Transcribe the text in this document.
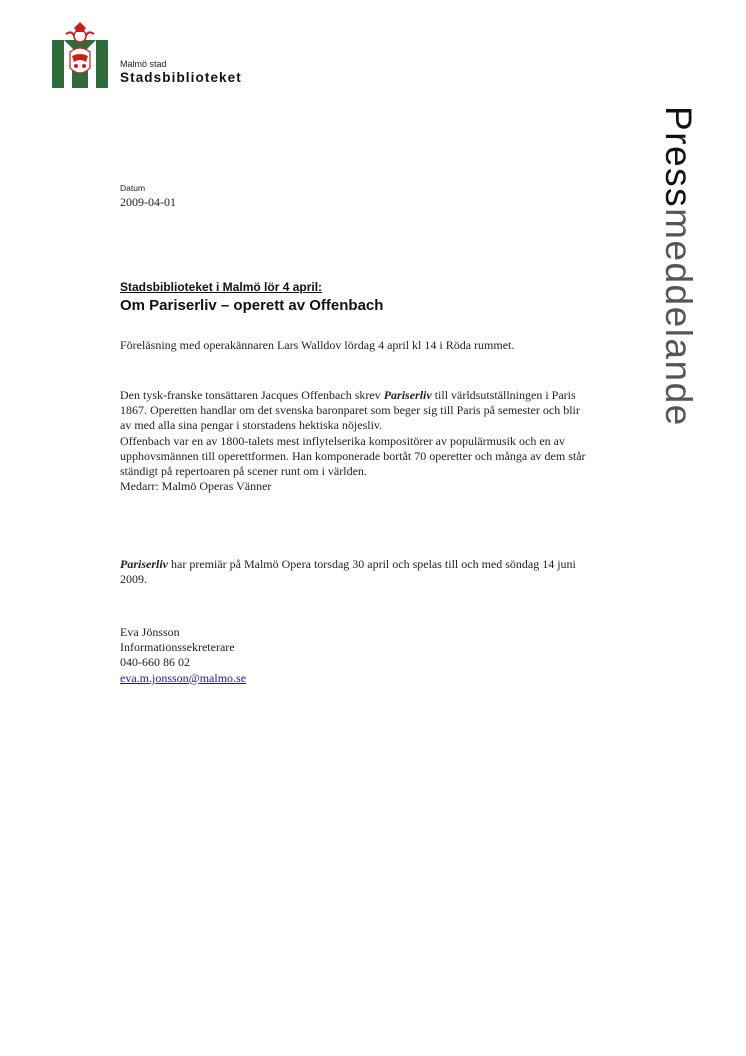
Malmö stad
Stadsbiblioteket
Pressmeddelande
Datum
2009-04-01
Stadsbiblioteket i Malmö lör 4 april:
Om Pariserliv – operett av Offenbach

Föreläsning med operakännaren Lars Walldov lördag 4 april kl 14 i Röda rummet.

Den tysk-franske tonsättaren Jacques Offenbach skrev Pariserliv till världsutställningen i Paris 1867. Operetten handlar om det svenska baronparet som beger sig till Paris på semester och blir av med alla sina pengar i storstadens hektiska nöjesliv.
Offenbach var en av 1800-talets mest inflytelserika kompositörer av populärmusik och en av upphovsmännen till operettformen. Han komponerade bortåt 70 operetter och många av dem står ständigt på repertoaren på scener runt om i världen.
Medarr: Malmö Operas Vänner

Pariserliv har premiär på Malmö Opera torsdag 30 april och spelas till och med söndag 14 juni 2009.

Eva Jönsson
Informationssekreterare
040-660 86 02
eva.m.jonsson@malmo.se
